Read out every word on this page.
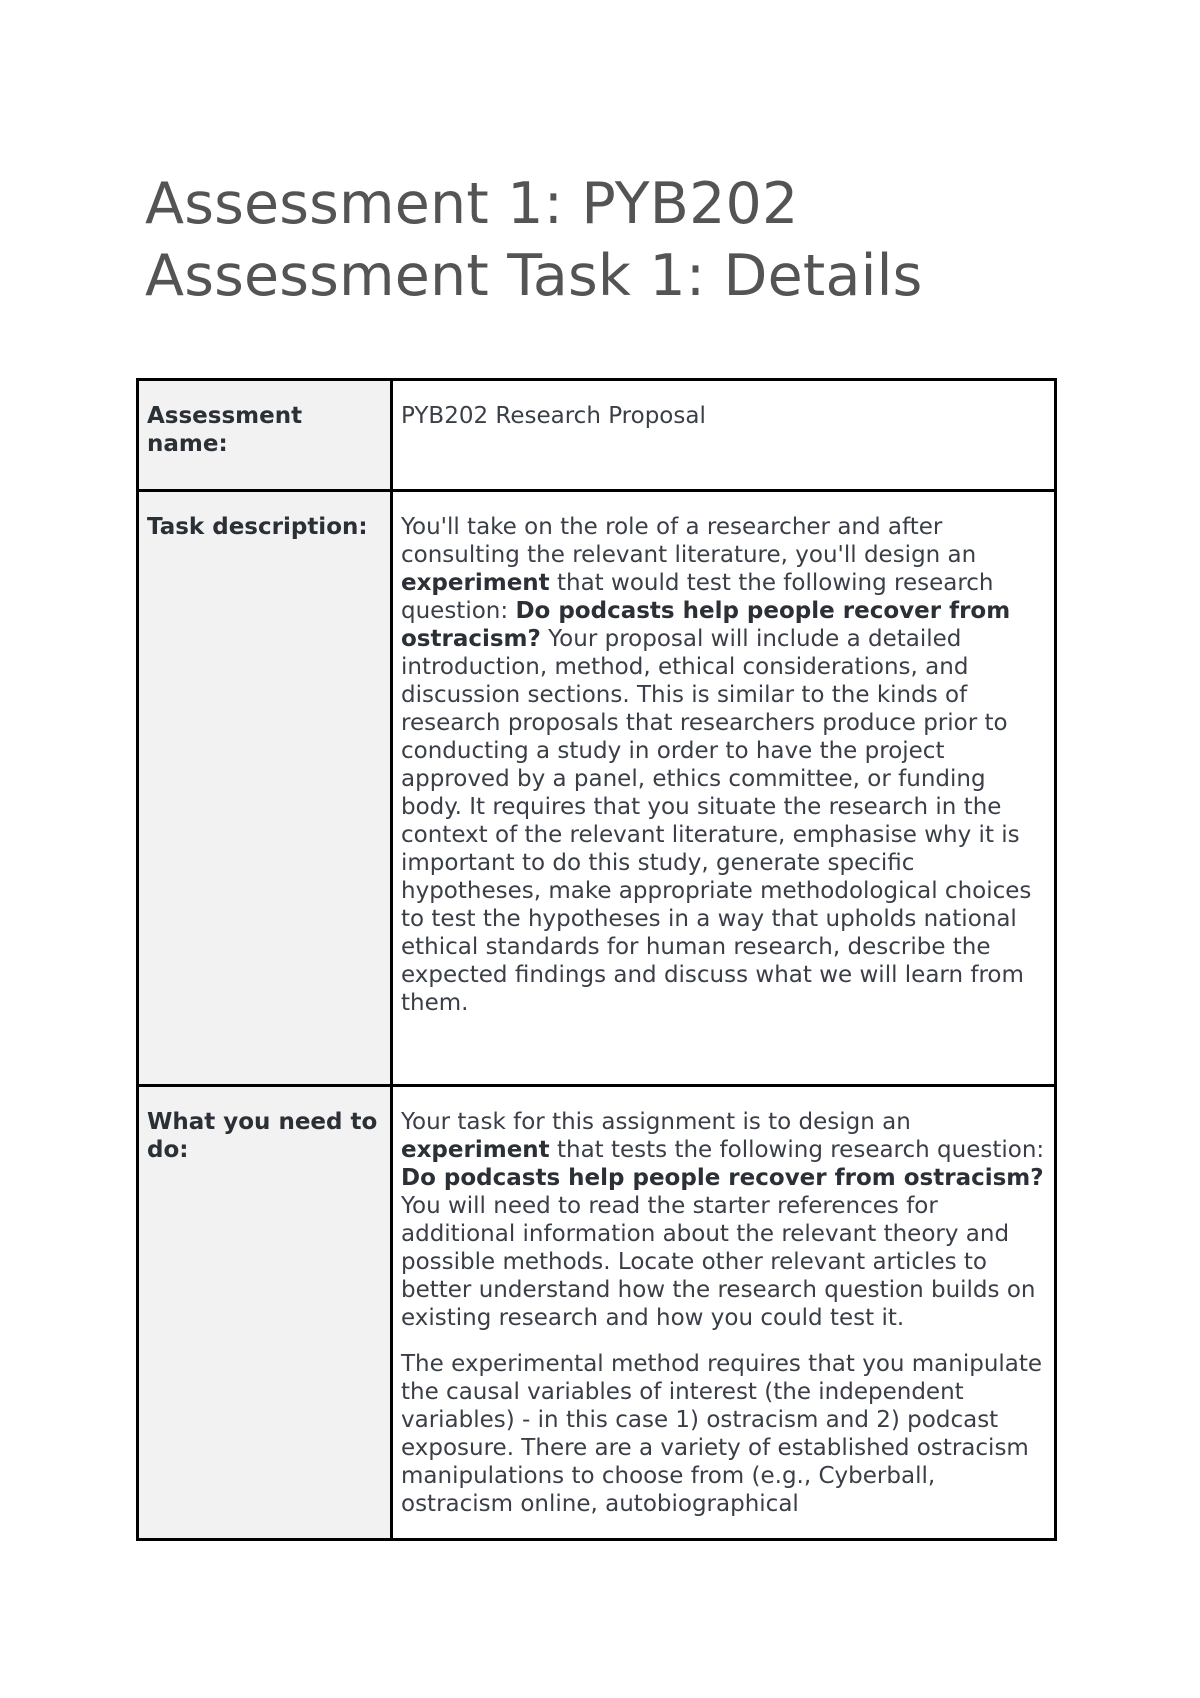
Assessment 1: PYB202
Assessment Task 1: Details
Assessment name:	PYB202 Research Proposal
Task description:	You'll take on the role of a researcher and after consulting the relevant literature, you'll design an experiment that would test the following research question: Do podcasts help people recover from ostracism? Your proposal will include a detailed introduction, method, ethical considerations, and discussion sections. This is similar to the kinds of research proposals that researchers produce prior to conducting a study in order to have the project approved by a panel, ethics committee, or funding body. It requires that you situate the research in the context of the relevant literature, emphasise why it is important to do this study, generate specific hypotheses, make appropriate methodological choices to test the hypotheses in a way that upholds national ethical standards for human research, describe the expected findings and discuss what we will learn from them.

What you need to do:	Your task for this assignment is to design an experiment that tests the following research question: Do podcasts help people recover from ostracism? You will need to read the starter references for additional information about the relevant theory and possible methods. Locate other relevant articles to better understand how the research question builds on existing research and how you could test it.

The experimental method requires that you manipulate the causal variables of interest (the independent variables) - in this case 1) ostracism and 2) podcast exposure. There are a variety of established ostracism manipulations to choose from (e.g., Cyberball, ostracism online, autobiographical
